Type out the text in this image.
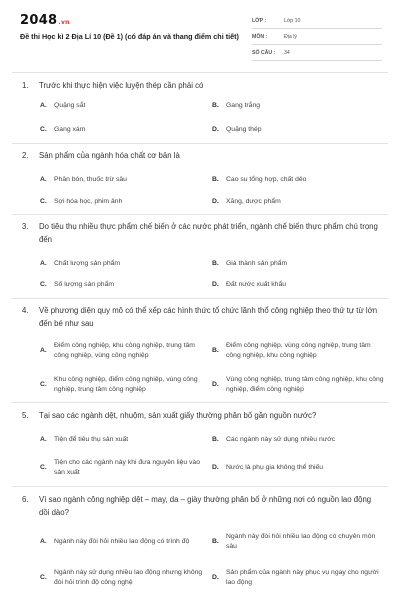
2048.vn
Đề thi Học kì 2 Địa Lí 10 (Đề 1) (có đáp án và thang điểm chi tiết)
LỚP :	Lớp 10
MÔN :	Địa lý
SỐ CÂU :	34
1. Trước khi thực hiện việc luyện thép cần phải có
A.	Quặng sắt	B.	Gang trắng
C.	Gang xám	D.	Quặng thép
2. Sản phẩm của ngành hóa chất cơ bản là
A.	Phân bón, thuốc trừ sâu	B.	Cao su tổng hợp, chất dẻo
C.	Sợi hóa học, phim ảnh	D.	Xăng, dược phẩm
3. Do tiêu thụ nhiều thực phẩm chế biến ở các nước phát triển, ngành chế biến thực phẩm chú trọng đến
A.	Chất lượng sản phẩm	B.	Giá thành sản phẩm
C.	Số lượng sản phẩm	D.	Đất nước xuất khẩu
4. Về phương diện quy mô có thể xếp các hình thức tổ chức lãnh thổ công nghiệp theo thứ tự từ lớn đến bé như sau
A.
Điểm công nghiệp, khu công nghiệp, trung tâm công nghiệp, vùng công nghiệp
B.
Điểm công nghiệp, vùng công nghiệp, trung tâm công nghiệp, khu công nghiệp
C.
Khu công nghiệp, điểm công nghiệp, vùng công nghiệp, trung tâm công nghiệp
D.
Vùng công nghiệp, trung tâm công nghiệp, khu công nghiệp, điểm công nghiệp
5. Tại sao các ngành dệt, nhuộm, sản xuất giấy thường phân bố gần nguồn nước?
A.	Tiện để tiêu thụ sản xuất	B.	Các ngành này sử dụng nhiều nước
C.
Tiện cho các ngành này khi đưa nguyên liệu vào sản xuất
D.	Nước là phụ gia không thể thiếu
6. Vì sao ngành công nghiệp dệt – may, da – giày thường phân bố ở những nơi có nguồn lao động dồi dào?
A.	Ngành này đòi hỏi nhiều lao động có trình độ	B.
Ngành này đòi hỏi nhiều lao động có chuyên môn sâu
C.
Ngành này sử dụng nhiều lao động nhưng không đòi hỏi trình độ công nghệ
D.
Sản phẩm của ngành này phục vụ ngay cho người lao động
